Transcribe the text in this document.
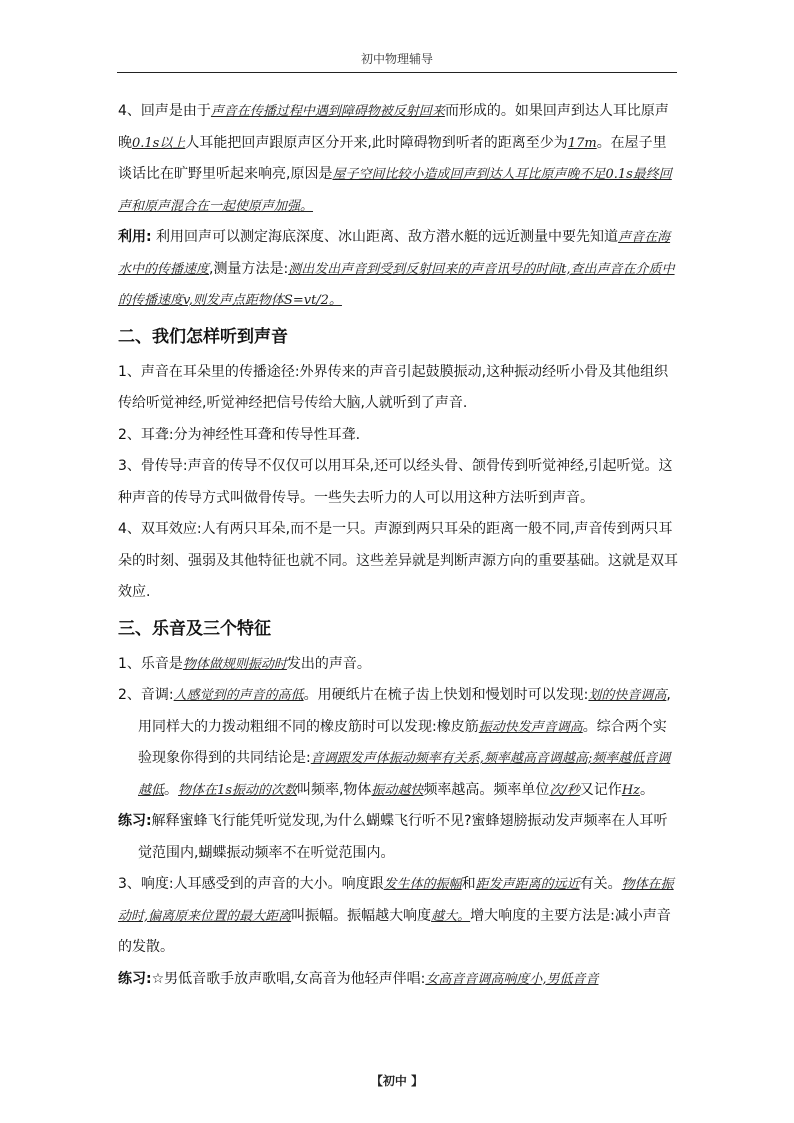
初中物理辅导

4、回声是由于声音在传播过程中遇到障碍物被反射回来而形成的。如果回声到达人耳比原声晚0.1s以上人耳能把回声跟原声区分开来,此时障碍物到听者的距离至少为17m。在屋子里谈话比在旷野里听起来响亮,原因是屋子空间比较小造成回声到达人耳比原声晚不足0.1s最终回声和原声混合在一起使原声加强。

利用: 利用回声可以测定海底深度、冰山距离、敌方潜水艇的远近测量中要先知道声音在海水中的传播速度,测量方法是:测出发出声音到受到反射回来的声音讯号的时间t,查出声音在介质中的传播速度v,则发声点距物体S=vt/2。

二、我们怎样听到声音

1、声音在耳朵里的传播途径:外界传来的声音引起鼓膜振动,这种振动经听小骨及其他组织传给听觉神经,听觉神经把信号传给大脑,人就听到了声音.

2、耳聋:分为神经性耳聋和传导性耳聋.

3、骨传导:声音的传导不仅仅可以用耳朵,还可以经头骨、颌骨传到听觉神经,引起听觉。这种声音的传导方式叫做骨传导。一些失去听力的人可以用这种方法听到声音。

4、双耳效应:人有两只耳朵,而不是一只。声源到两只耳朵的距离一般不同,声音传到两只耳朵的时刻、强弱及其他特征也就不同。这些差异就是判断声源方向的重要基础。这就是双耳效应.

三、乐音及三个特征

1、乐音是物体做规则振动时发出的声音。

2、音调:人感觉到的声音的高低。用硬纸片在梳子齿上快划和慢划时可以发现:划的快音调高,用同样大的力拨动粗细不同的橡皮筋时可以发现:橡皮筋振动快发声音调高。综合两个实验现象你得到的共同结论是:音调跟发声体振动频率有关系,频率越高音调越高;频率越低音调越低。物体在1s振动的次数叫频率,物体振动越快频率越高。频率单位次/秒又记作Hz。

练习:解释蜜蜂飞行能凭听觉发现,为什么蝴蝶飞行听不见?蜜蜂翅膀振动发声频率在人耳听觉范围内,蝴蝶振动频率不在听觉范围内。

3、响度:人耳感受到的声音的大小。响度跟发生体的振幅和距发声距离的远近有关。物体在振动时,偏离原来位置的最大距离叫振幅。振幅越大响度越大。增大响度的主要方法是:减小声音的发散。

练习:☆男低音歌手放声歌唱,女高音为他轻声伴唱:女高音音调高响度小,男低音音

【初中 】
